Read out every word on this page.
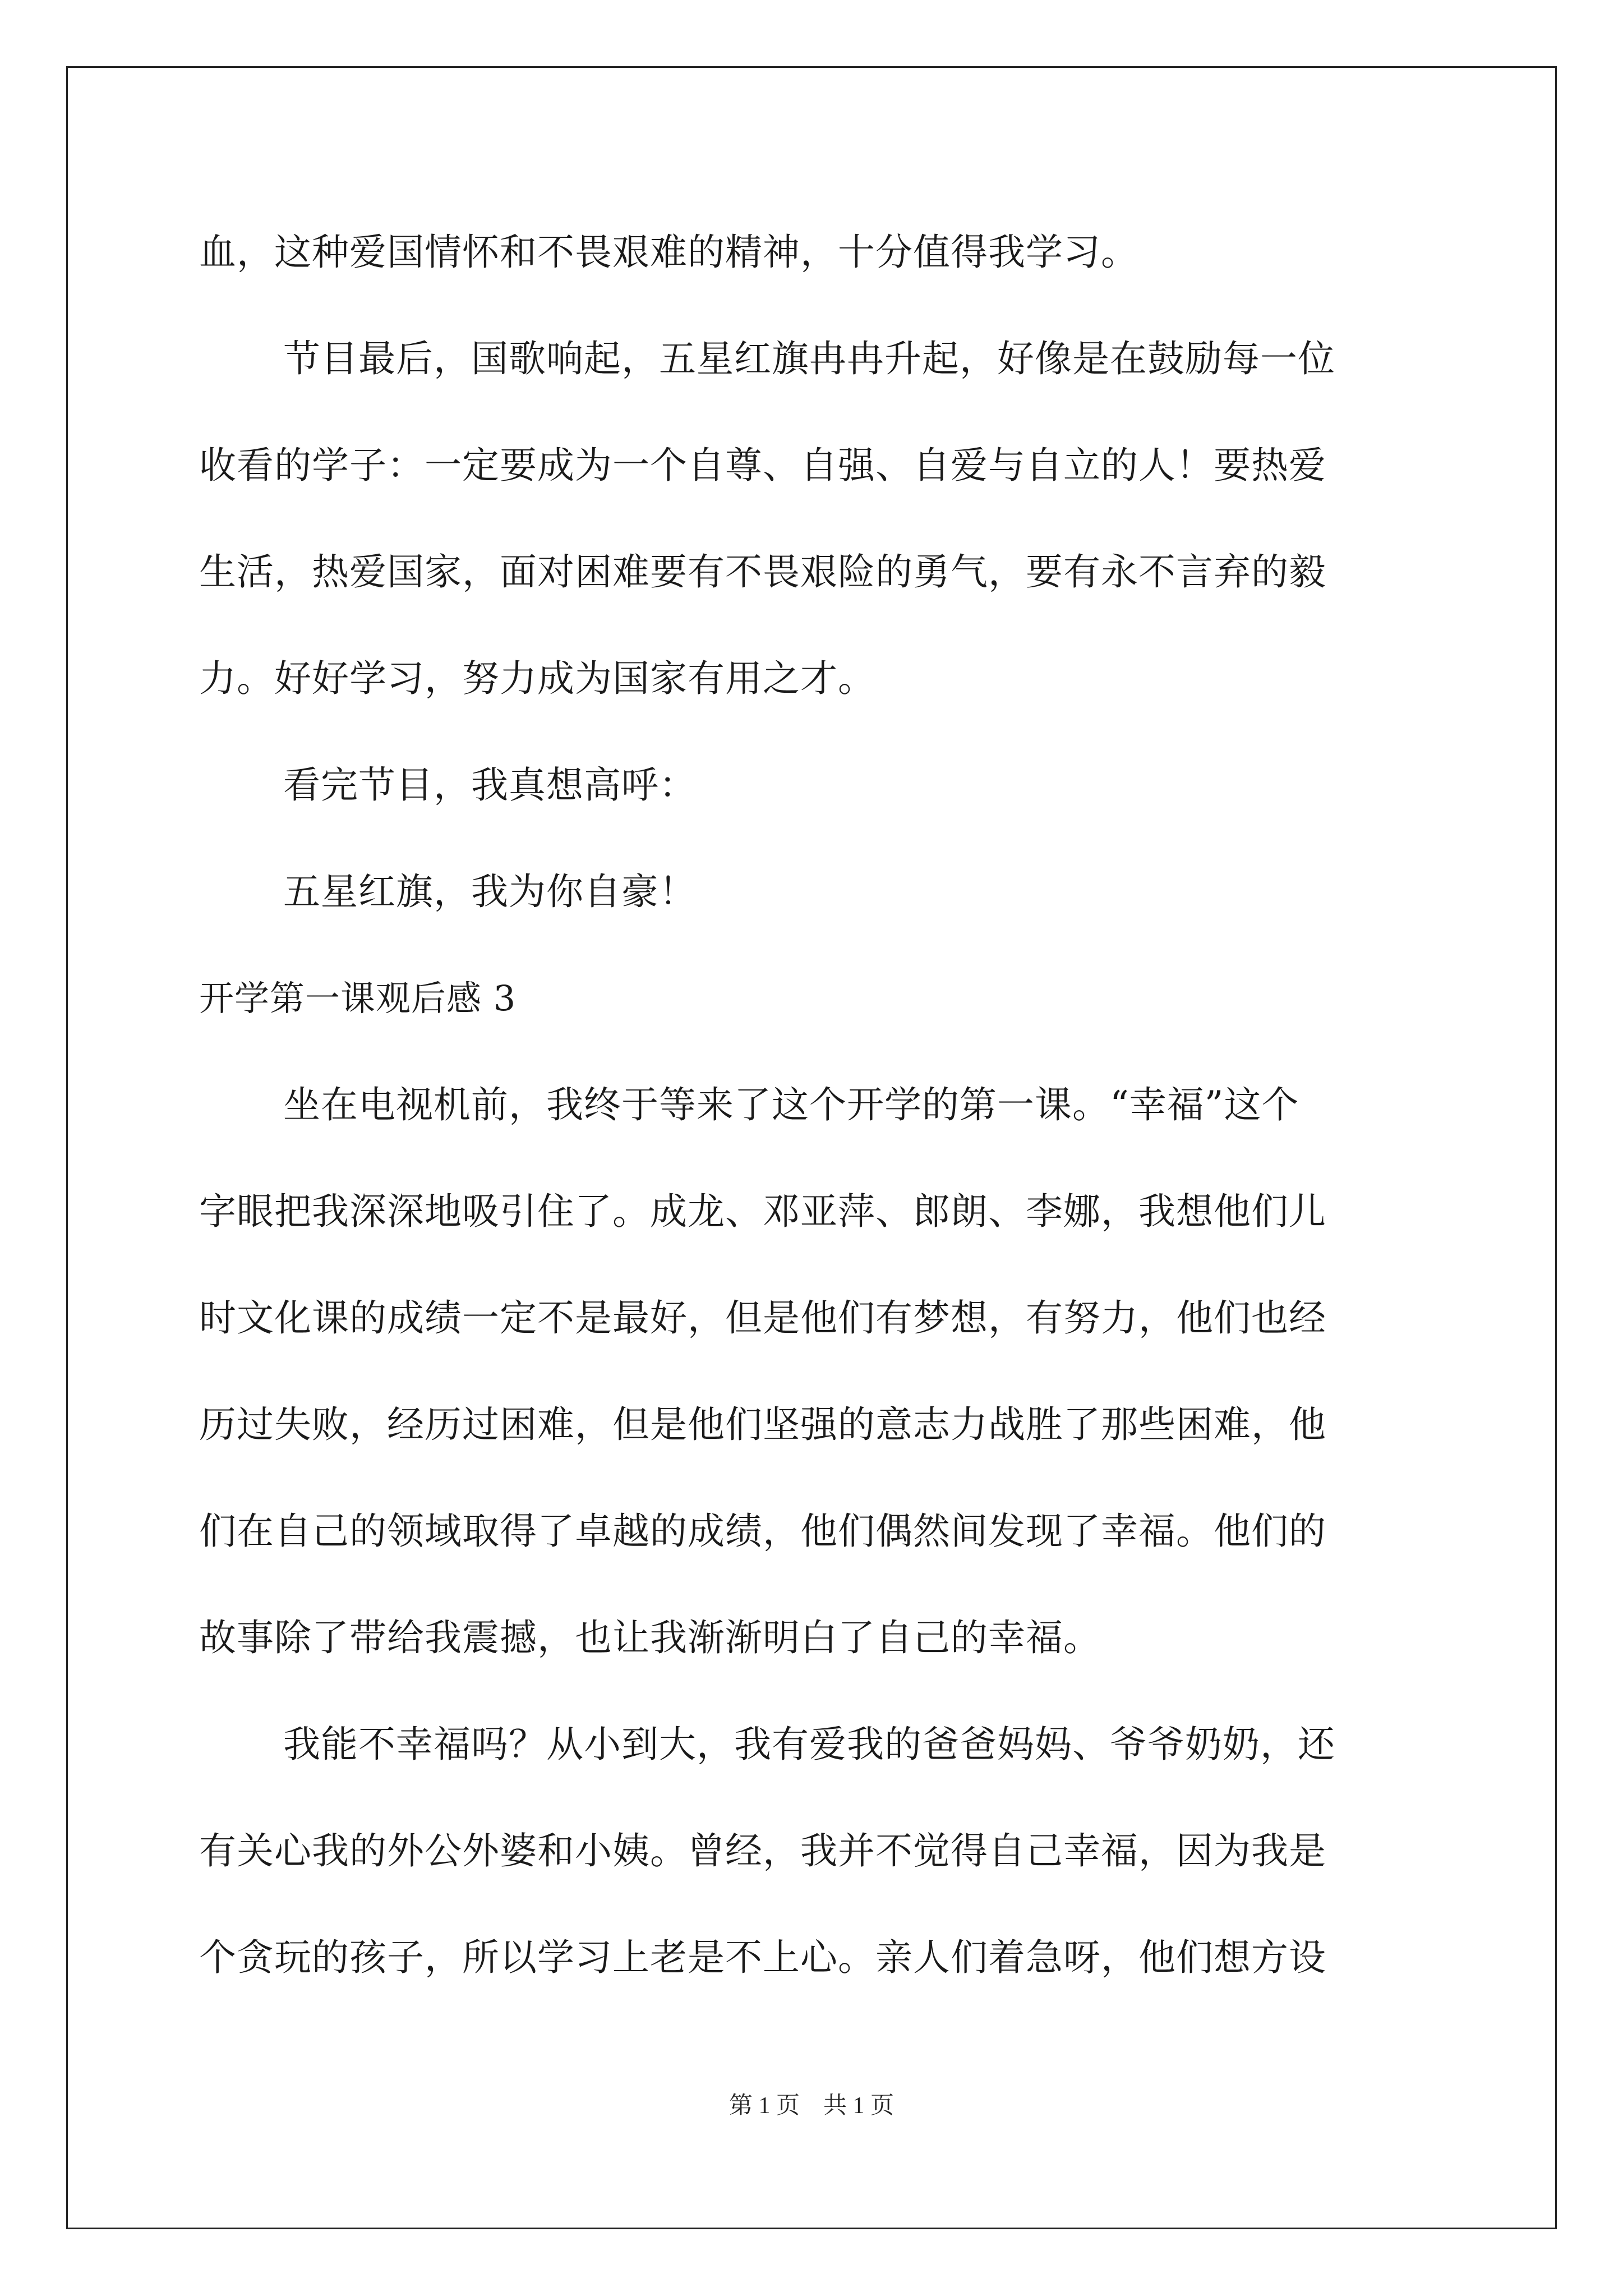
血，这种爱国情怀和不畏艰难的精神，十分值得我学习。
节目最后，国歌响起，五星红旗冉冉升起，好像是在鼓励每一位
收看的学子：一定要成为一个自尊、自强、自爱与自立的人！要热爱
生活，热爱国家，面对困难要有不畏艰险的勇气，要有永不言弃的毅
力。好好学习，努力成为国家有用之才。
看完节目，我真想高呼：
五星红旗，我为你自豪！
开学第一课观后感 3
坐在电视机前，我终于等来了这个开学的第一课。“幸福”这个
字眼把我深深地吸引住了。成龙、邓亚萍、郎朗、李娜，我想他们儿
时文化课的成绩一定不是最好，但是他们有梦想，有努力，他们也经
历过失败，经历过困难，但是他们坚强的意志力战胜了那些困难，他
们在自己的领域取得了卓越的成绩，他们偶然间发现了幸福。他们的
故事除了带给我震撼，也让我渐渐明白了自己的幸福。
我能不幸福吗？从小到大，我有爱我的爸爸妈妈、爷爷奶奶，还
有关心我的外公外婆和小姨。曾经，我并不觉得自己幸福，因为我是
个贪玩的孩子，所以学习上老是不上心。亲人们着急呀，他们想方设
第 1 页　共 1 页
